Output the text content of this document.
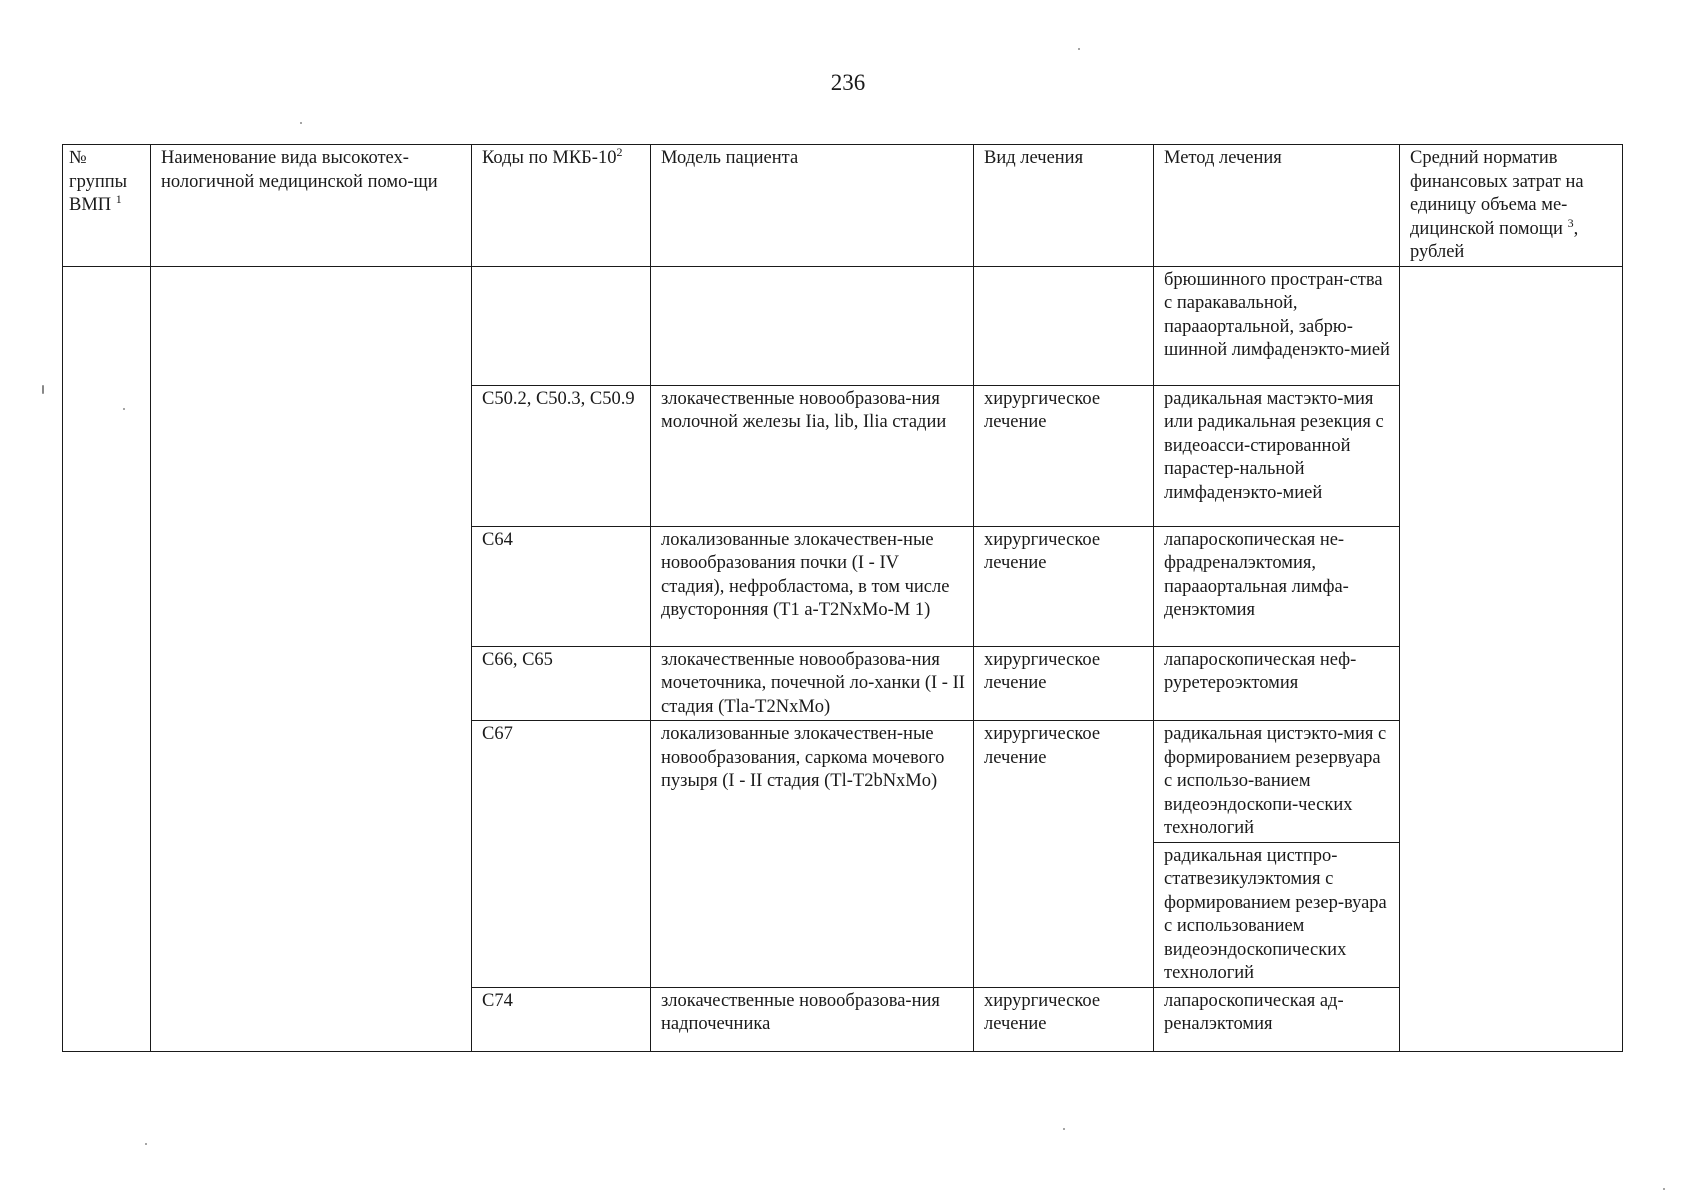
236
№
группы
ВМП $^1$	Наименование вида высокотех-нологичной медицинской помо-щи	Коды по МКБ-10$^2$	Модель пациента	Вид лечения	Метод лечения	Средний норматив финансовых затрат на единицу объема ме-дицинской помощи $^3$, рублей
					брюшинного простран-ства с паракавальной, парааортальной, забрю-шинной лимфаденэкто-мией	
		C50.2, C50.3, C50.9	злокачественные новообразова-ния молочной железы Iia, lib, Ilia стадии	хирургическое лечение	радикальная мастэкто-мия или радикальная резекция с видеоасси-стированной парастер-нальной лимфаденэкто-мией	
		C64	локализованные злокачествен-ные новообразования почки (I - IV стадия), нефробластома, в том числе двусторонняя (T1 a-T2NxMo-M 1)	хирургическое лечение	лапароскопическая не-фрадреналэктомия, парааортальная лимфа-денэктомия	
		C66, C65	злокачественные новообразова-ния мочеточника, почечной ло-ханки (I - II стадия (Tla-T2NxMo)	хирургическое лечение	лапароскопическая неф-руретероэктомия	
		C67	локализованные злокачествен-ные новообразования, саркома мочевого пузыря (I - II стадия (Tl-T2bNxMo)	хирургическое лечение	радикальная цистэкто-мия с формированием резервуара с использо-ванием видеоэндоскопи-ческих технологий	
					радикальная цистпро-статвезикулэктомия с формированием резер-вуара с использованием видеоэндоскопических технологий	
		C74	злокачественные новообразова-ния надпочечника	хирургическое лечение	лапароскопическая ад-реналэктомия	
